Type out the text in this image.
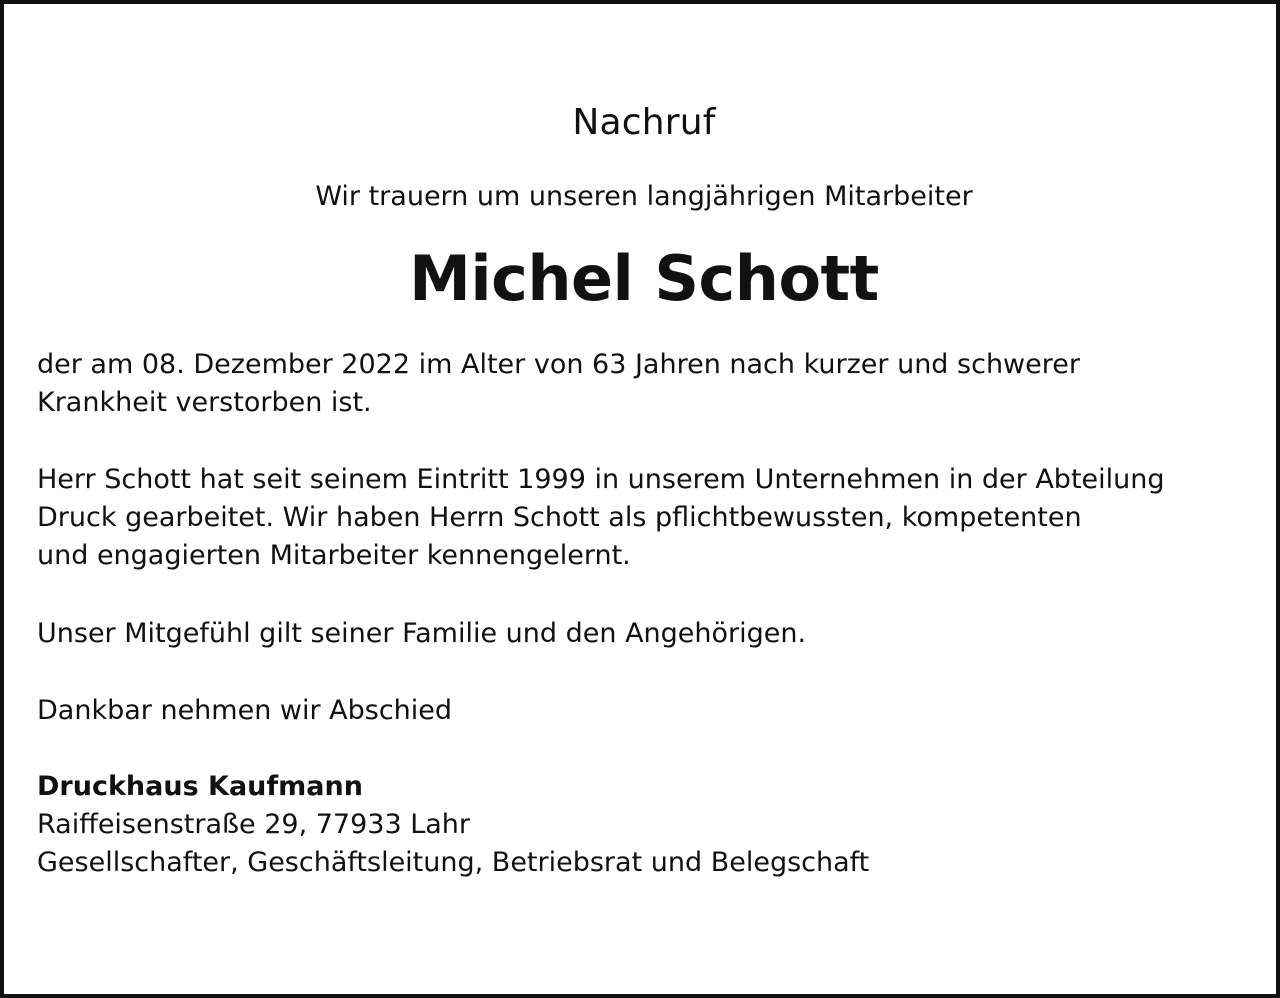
Nachruf
Wir trauern um unseren langjährigen Mitarbeiter
Michel Schott

der am 08. Dezember 2022 im Alter von 63 Jahren nach kurzer und schwerer
Krankheit verstorben ist.

Herr Schott hat seit seinem Eintritt 1999 in unserem Unternehmen in der Abteilung
Druck gearbeitet. Wir haben Herrn Schott als pflichtbewussten, kompetenten
und engagierten Mitarbeiter kennengelernt.

Unser Mitgefühl gilt seiner Familie und den Angehörigen.

Dankbar nehmen wir Abschied

Druckhaus Kaufmann
Raiffeisenstraße 29, 77933 Lahr
Gesellschafter, Geschäftsleitung, Betriebsrat und Belegschaft
